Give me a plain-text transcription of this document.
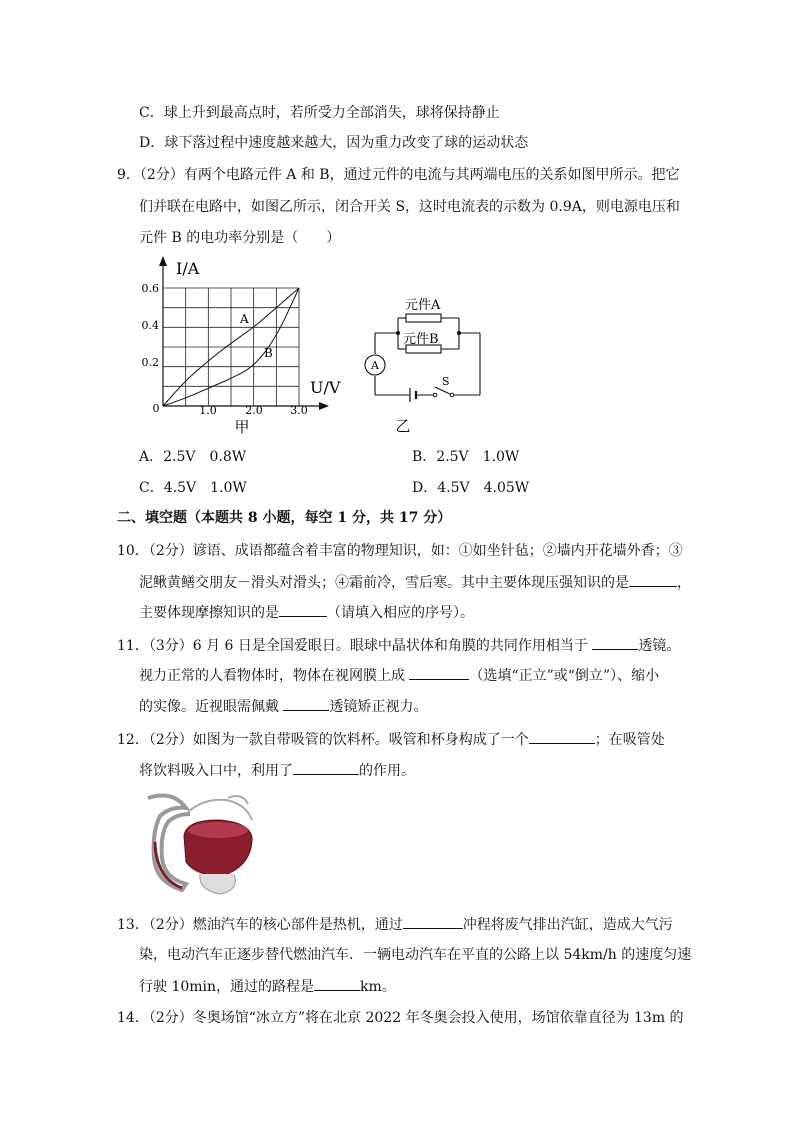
C．球上升到最高点时，若所受力全部消失，球将保持静止
D．球下落过程中速度越来越大，因为重力改变了球的运动状态
9．（2分）有两个电路元件 A 和 B，通过元件的电流与其两端电压的关系如图甲所示。把它
们并联在电路中，如图乙所示，闭合开关 S，这时电流表的示数为 0.9A，则电源电压和
元件 B 的电功率分别是（　　）
I/A
U/V
0
0.2
0.4
0.6
1.0	2.0	3.0
A
B
甲
元件A
元件B
A
S
乙
A．2.5V　0.8W	B．2.5V　1.0W
C．4.5V　1.0W	D．4.5V　4.05W
二、填空题（本题共 8 小题，每空 1 分，共 17 分）
10．（2分）谚语、成语都蕴含着丰富的物理知识，如：①如坐针毡；②墙内开花墙外香；③
泥鳅黄鳝交朋友－滑头对滑头；④霜前冷，雪后寒。其中主要体现压强知识的是	，
主要体现摩擦知识的是	（请填入相应的序号）。
11．（3分）6 月 6 日是全国爱眼日。眼球中晶状体和角膜的共同作用相当于	透镜。
视力正常的人看物体时，物体在视网膜上成	（选填“正立”或“倒立”）、缩小
的实像。近视眼需佩戴	透镜矫正视力。
12．（2分）如图为一款自带吸管的饮料杯。吸管和杯身构成了一个	；在吸管处
将饮料吸入口中，利用了	的作用。
13．（2分）燃油汽车的核心部件是热机，通过	冲程将废气排出汽缸，造成大气污
染，电动汽车正逐步替代燃油汽车．一辆电动汽车在平直的公路上以 54km/h 的速度匀速
行驶 10min，通过的路程是	km。
14．（2分）冬奥场馆“冰立方”将在北京 2022 年冬奥会投入使用，场馆依靠直径为 13m 的
